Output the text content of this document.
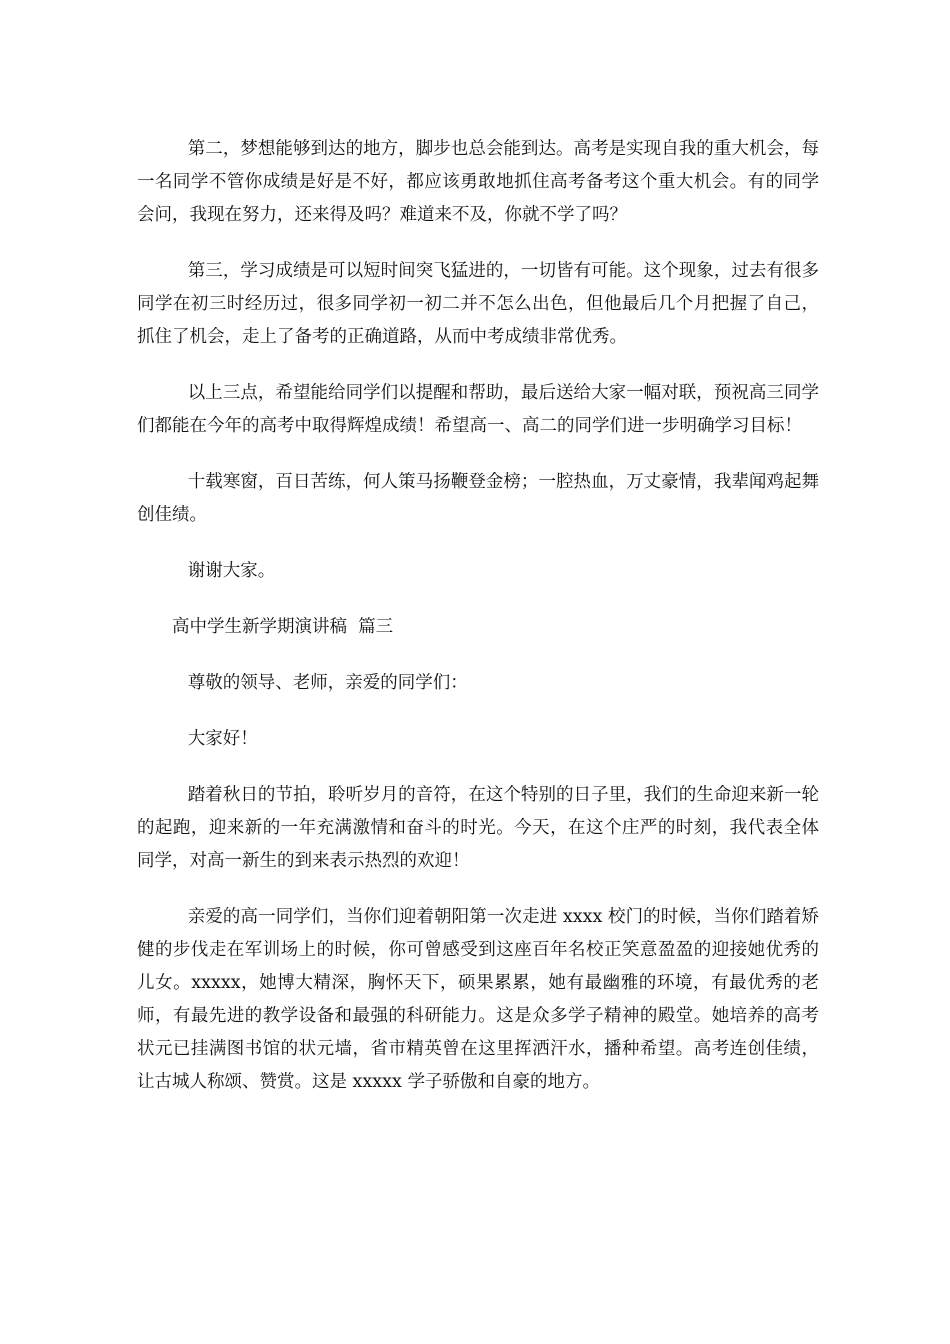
第二，梦想能够到达的地方，脚步也总会能到达。高考是实现自我的重大机会，每一名同学不管你成绩是好是不好，都应该勇敢地抓住高考备考这个重大机会。有的同学会问，我现在努力，还来得及吗？难道来不及，你就不学了吗？

第三，学习成绩是可以短时间突飞猛进的，一切皆有可能。这个现象，过去有很多同学在初三时经历过，很多同学初一初二并不怎么出色，但他最后几个月把握了自己，抓住了机会，走上了备考的正确道路，从而中考成绩非常优秀。

以上三点，希望能给同学们以提醒和帮助，最后送给大家一幅对联，预祝高三同学们都能在今年的高考中取得辉煌成绩！希望高一、高二的同学们进一步明确学习目标！

十载寒窗，百日苦练，何人策马扬鞭登金榜；一腔热血，万丈豪情，我辈闻鸡起舞创佳绩。

谢谢大家。

高中学生新学期演讲稿  篇三

尊敬的领导、老师，亲爱的同学们：

大家好！

踏着秋日的节拍，聆听岁月的音符，在这个特别的日子里，我们的生命迎来新一轮的起跑，迎来新的一年充满激情和奋斗的时光。今天，在这个庄严的时刻，我代表全体同学，对高一新生的到来表示热烈的欢迎！

亲爱的高一同学们，当你们迎着朝阳第一次走进 xxxx 校门的时候，当你们踏着矫健的步伐走在军训场上的时候，你可曾感受到这座百年名校正笑意盈盈的迎接她优秀的儿女。xxxxx，她博大精深，胸怀天下，硕果累累，她有最幽雅的环境，有最优秀的老师，有最先进的教学设备和最强的科研能力。这是众多学子精神的殿堂。她培养的高考状元已挂满图书馆的状元墙，省市精英曾在这里挥洒汗水，播种希望。高考连创佳绩，让古城人称颂、赞赏。这是 xxxxx 学子骄傲和自豪的地方。
